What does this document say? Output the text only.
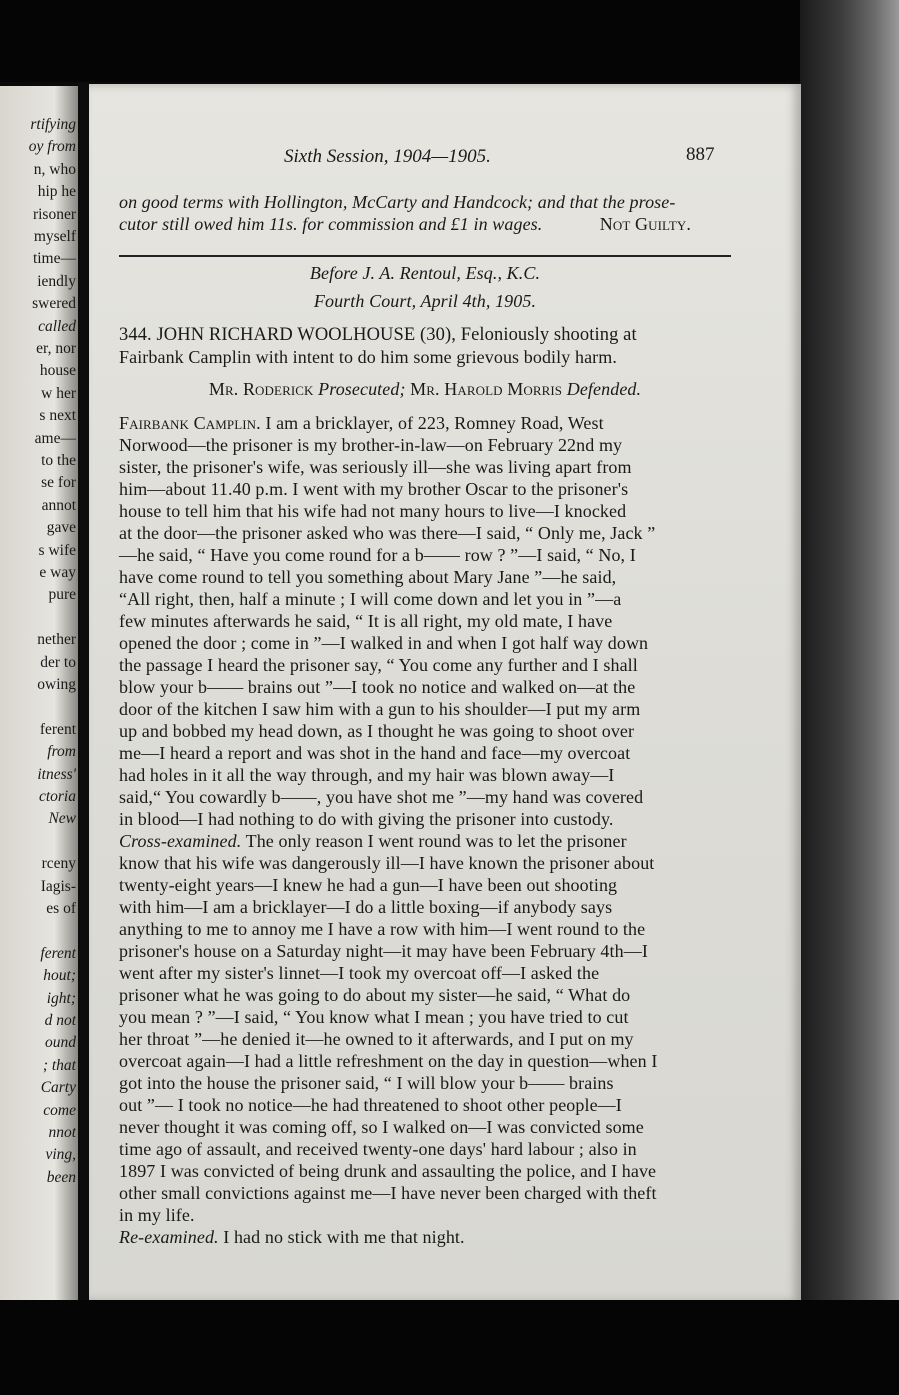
rtifying
oy from
n, who
hip he
risoner
myself
time—
iendly
swered
called
er, nor
house
w her
s next
ame—
to the
se for
annot
gave
s wife
e way
pure
nether
der to
owing
ferent
from
itness'
ctoria
New
rceny
Iagis-
es of
ferent
hout;
ight;
d not
ound
; that
Carty
come
nnot
ving,
been
Sixth Session, 1904—1905.	887
on good terms with Hollington, McCarty and Handcock; and that the prose-
cutor still owed him 11s. for commission and £1 in wages.	Not Guilty.
Before J. A. Rentoul, Esq., K.C.
Fourth Court, April 4th, 1905.
344. JOHN RICHARD WOOLHOUSE (30), Feloniously shooting at
Fairbank Camplin with intent to do him some grievous bodily harm.
Mr. Roderick Prosecuted; Mr. Harold Morris Defended.
Fairbank Camplin. I am a bricklayer, of 223, Romney Road, West
Norwood—the prisoner is my brother-in-law—on February 22nd my
sister, the prisoner's wife, was seriously ill—she was living apart from
him—about 11.40 p.m. I went with my brother Oscar to the prisoner's
house to tell him that his wife had not many hours to live—I knocked
at the door—the prisoner asked who was there—I said, “ Only me, Jack ”
—he said, “ Have you come round for a b—— row ? ”—I said, “ No, I
have come round to tell you something about Mary Jane ”—he said,
“All right, then, half a minute ; I will come down and let you in ”—a
few minutes afterwards he said, “ It is all right, my old mate, I have
opened the door ; come in ”—I walked in and when I got half way down
the passage I heard the prisoner say, “ You come any further and I shall
blow your b—— brains out ”—I took no notice and walked on—at the
door of the kitchen I saw him with a gun to his shoulder—I put my arm
up and bobbed my head down, as I thought he was going to shoot over
me—I heard a report and was shot in the hand and face—my overcoat
had holes in it all the way through, and my hair was blown away—I
said,“ You cowardly b——, you have shot me ”—my hand was covered
in blood—I had nothing to do with giving the prisoner into custody.
Cross-examined. The only reason I went round was to let the prisoner
know that his wife was dangerously ill—I have known the prisoner about
twenty-eight years—I knew he had a gun—I have been out shooting
with him—I am a bricklayer—I do a little boxing—if anybody says
anything to me to annoy me I have a row with him—I went round to the
prisoner's house on a Saturday night—it may have been February 4th—I
went after my sister's linnet—I took my overcoat off—I asked the
prisoner what he was going to do about my sister—he said, “ What do
you mean ? ”—I said, “ You know what I mean ; you have tried to cut
her throat ”—he denied it—he owned to it afterwards, and I put on my
overcoat again—I had a little refreshment on the day in question—when I
got into the house the prisoner said, “ I will blow your b—— brains
out ”— I took no notice—he had threatened to shoot other people—I
never thought it was coming off, so I walked on—I was convicted some
time ago of assault, and received twenty-one days' hard labour ; also in
1897 I was convicted of being drunk and assaulting the police, and I have
other small convictions against me—I have never been charged with theft
in my life.
Re-examined. I had no stick with me that night.
